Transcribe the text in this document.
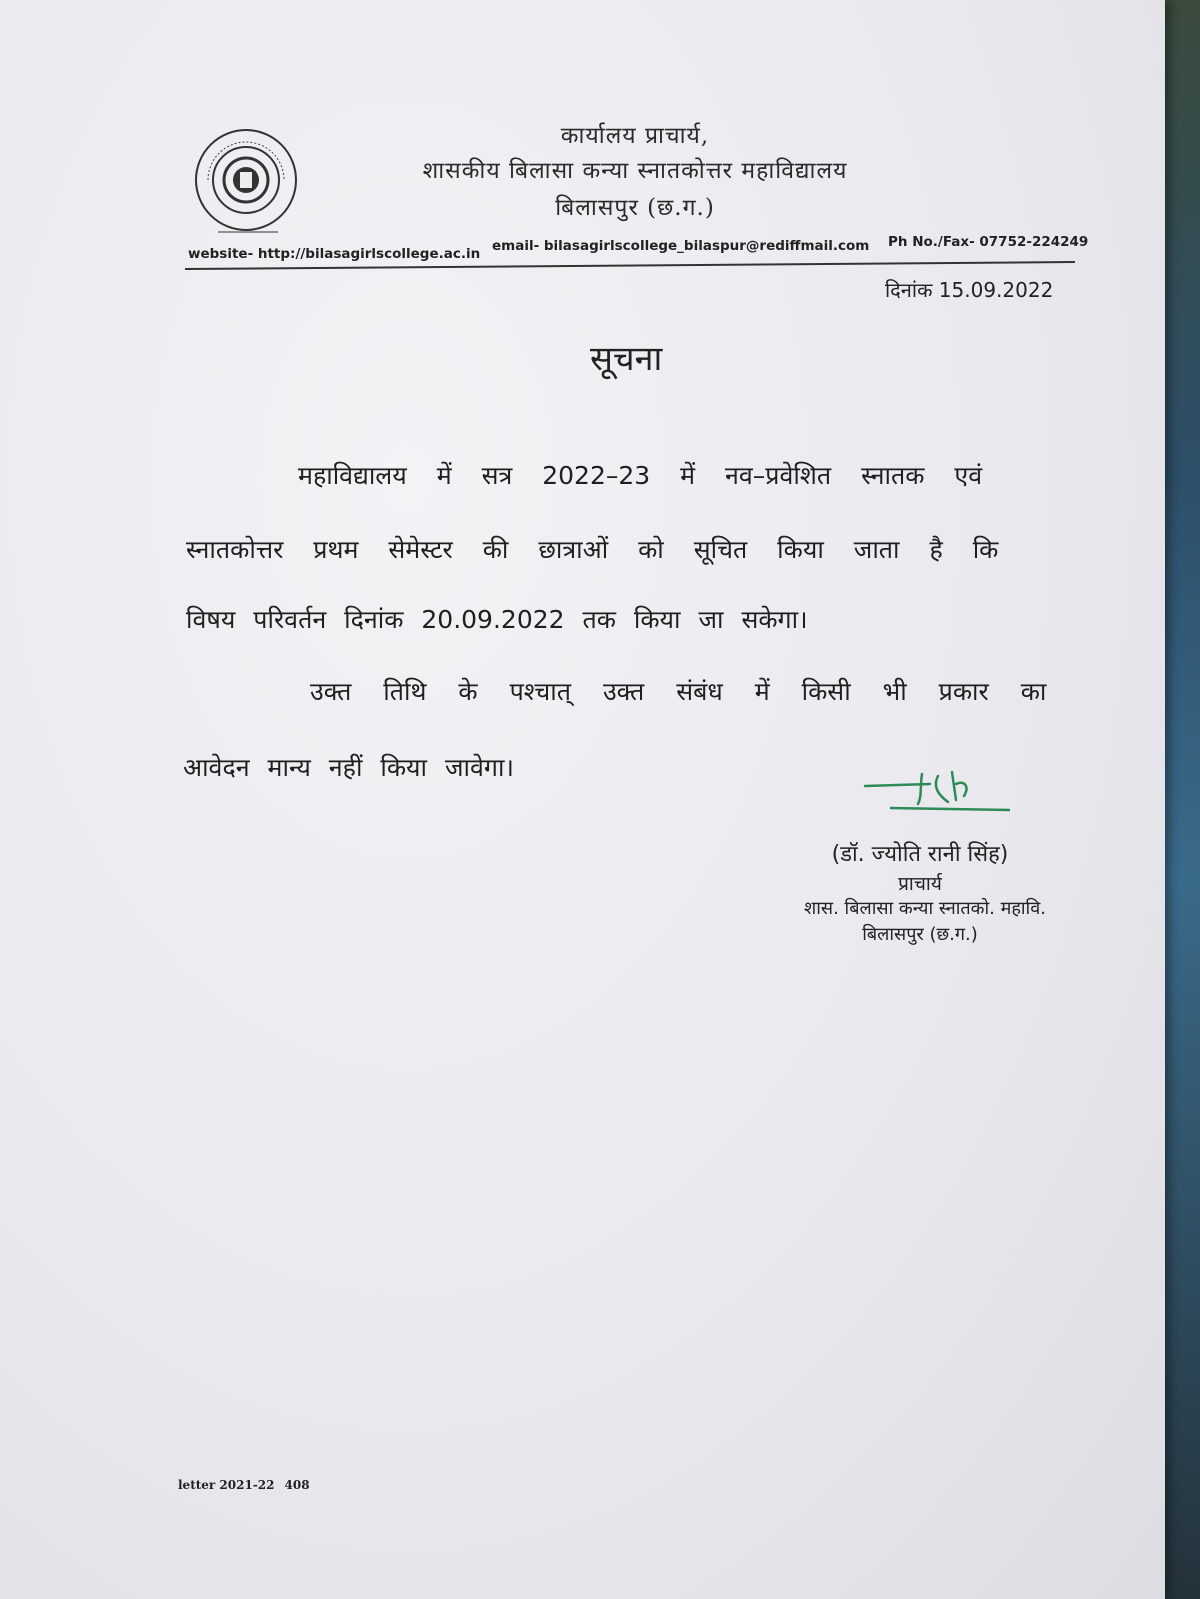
कार्यालय प्राचार्य,
शासकीय बिलासा कन्या स्नातकोत्तर महाविद्यालय
बिलासपुर (छ.ग.)
website- http://bilasagirlscollege.ac.in email- bilasagirlscollege_bilaspur@rediffmail.com Ph No./Fax- 07752-224249
दिनांक 15.09.2022
सूचना
महाविद्यालय में सत्र 2022–23 में नव–प्रवेशित स्नातक एवं
स्नातकोत्तर प्रथम सेमेस्टर की छात्राओं को सूचित किया जाता है कि
विषय परिवर्तन दिनांक 20.09.2022 तक किया जा सकेगा।
उक्त तिथि के पश्चात् उक्त संबंध में किसी भी प्रकार का
आवेदन मान्य नहीं किया जावेगा।
(डॉ. ज्योति रानी सिंह)
प्राचार्य
शास. बिलासा कन्या स्नातको. महावि.
बिलासपुर (छ.ग.)
letter 2021-22 408
